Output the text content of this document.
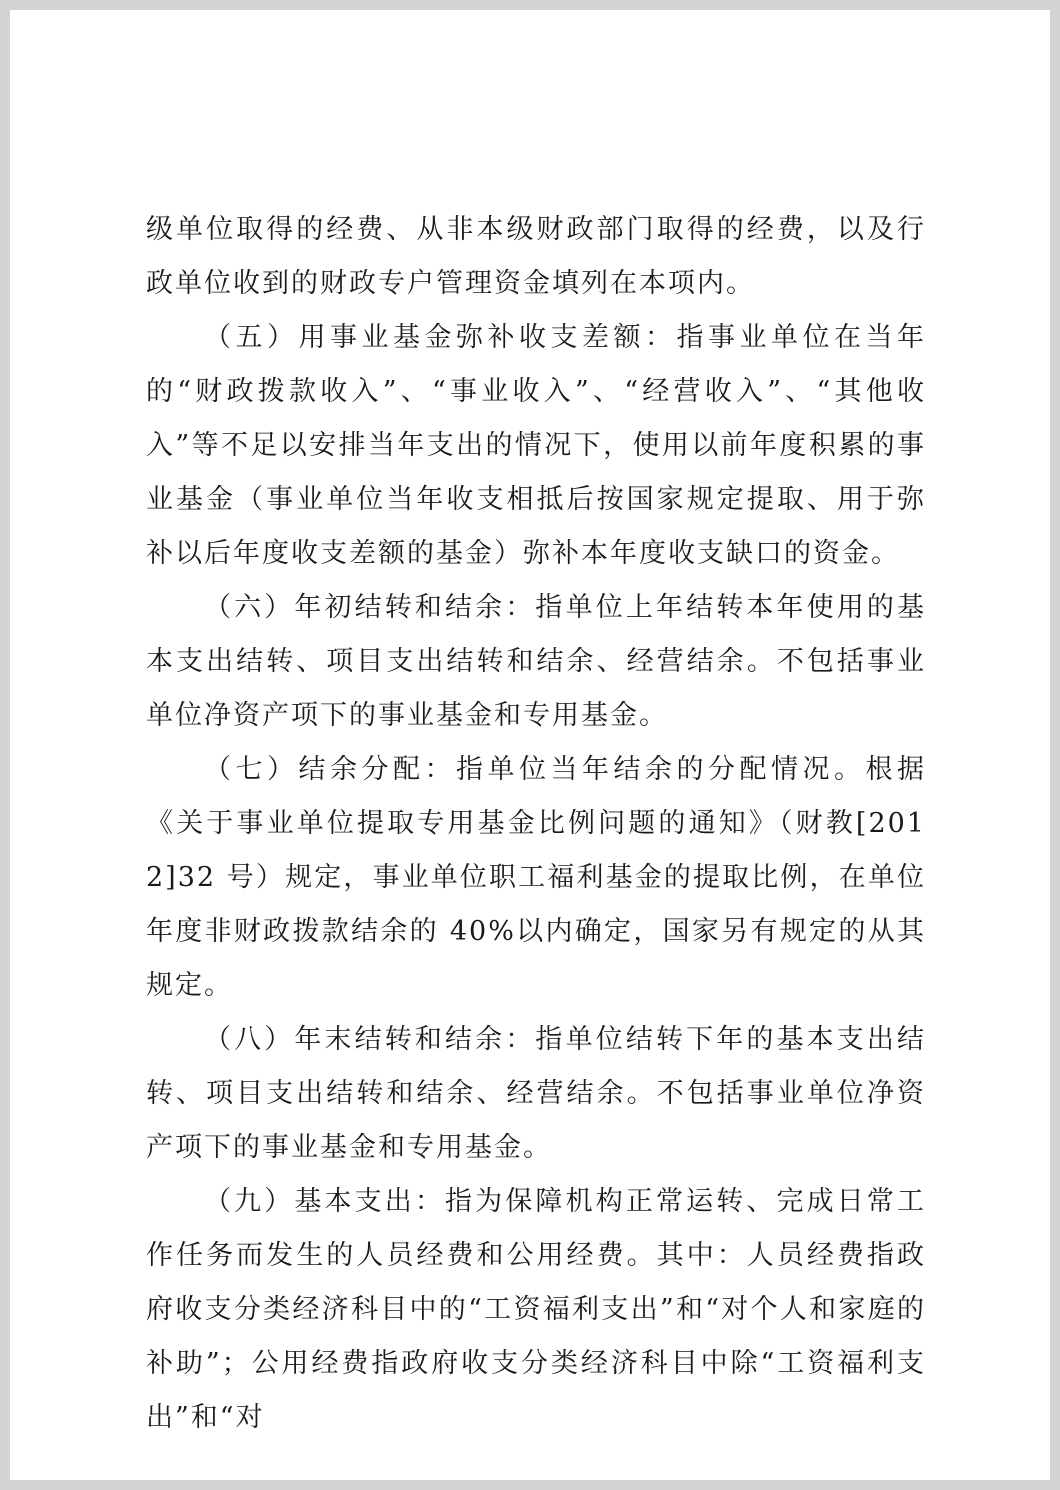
级单位取得的经费、从非本级财政部门取得的经费，以及行政单位收到的财政专户管理资金填列在本项内。

（五）用事业基金弥补收支差额：指事业单位在当年的“财政拨款收入”、“事业收入”、“经营收入”、“其他收入”等不足以安排当年支出的情况下，使用以前年度积累的事业基金（事业单位当年收支相抵后按国家规定提取、用于弥补以后年度收支差额的基金）弥补本年度收支缺口的资金。

（六）年初结转和结余：指单位上年结转本年使用的基本支出结转、项目支出结转和结余、经营结余。不包括事业单位净资产项下的事业基金和专用基金。

（七）结余分配：指单位当年结余的分配情况。根据《关于事业单位提取专用基金比例问题的通知》（财教[2012]32 号）规定，事业单位职工福利基金的提取比例，在单位年度非财政拨款结余的 40%以内确定，国家另有规定的从其规定。

（八）年末结转和结余：指单位结转下年的基本支出结转、项目支出结转和结余、经营结余。不包括事业单位净资产项下的事业基金和专用基金。

（九）基本支出：指为保障机构正常运转、完成日常工作任务而发生的人员经费和公用经费。其中：人员经费指政府收支分类经济科目中的“工资福利支出”和“对个人和家庭的补助”；公用经费指政府收支分类经济科目中除“工资福利支出”和“对
